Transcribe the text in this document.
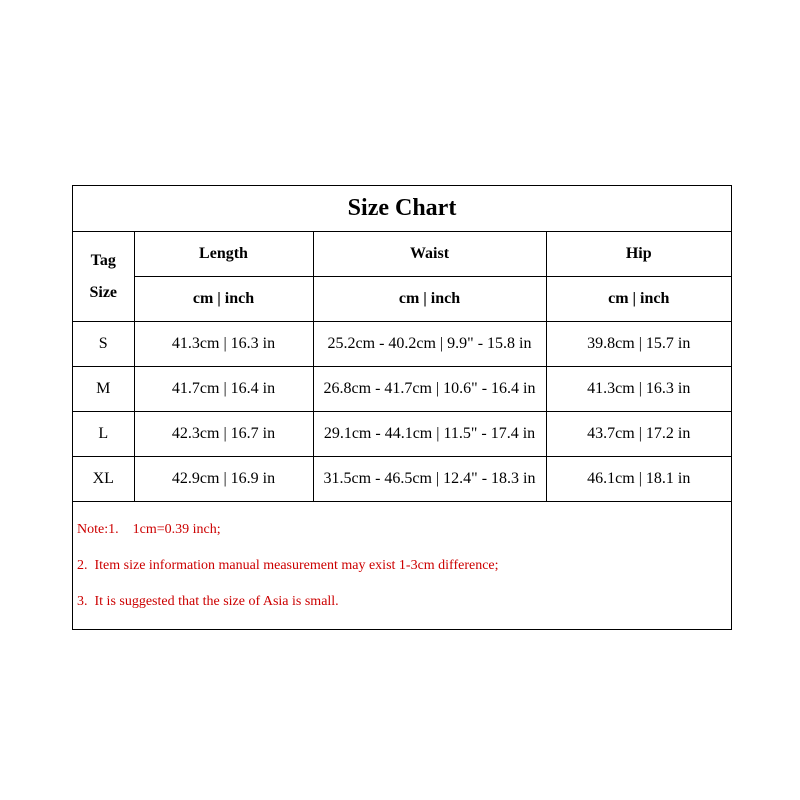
Size Chart
Tag
Size	Length	Waist	Hip
	cm | inch	cm | inch	cm | inch
S	41.3cm | 16.3 in	25.2cm - 40.2cm | 9.9" - 15.8 in	39.8cm | 15.7 in
M	41.7cm | 16.4 in	26.8cm - 41.7cm | 10.6" - 16.4 in	41.3cm | 16.3 in
L	42.3cm | 16.7 in	29.1cm - 44.1cm | 11.5" - 17.4 in	43.7cm | 17.2 in
XL	42.9cm | 16.9 in	31.5cm - 46.5cm | 12.4" - 18.3 in	46.1cm | 18.1 in
Note:1.    1cm=0.39 inch;
2.  Item size information manual measurement may exist 1-3cm difference;
3.  It is suggested that the size of Asia is small.
